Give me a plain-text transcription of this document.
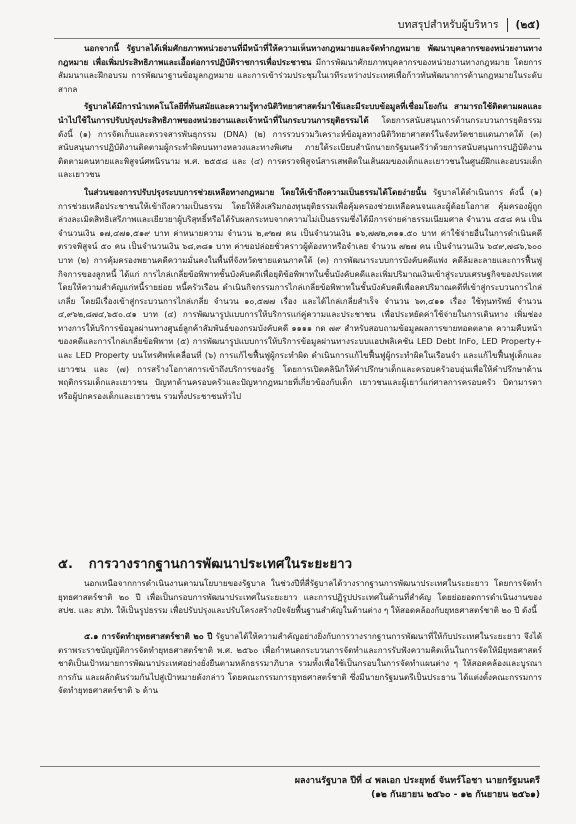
บทสรุปสำหรับผู้บริหาร (๒๕)

นอกจากนี้ รัฐบาลได้เพิ่มศักยภาพหน่วยงานที่มีหน้าที่ให้ความเห็นทางกฎหมายและจัดทำกฎหมาย พัฒนาบุคลากรของหน่วยงานทางกฎหมาย เพื่อเพิ่มประสิทธิภาพและเอื้อต่อการปฏิบัติราชการเพื่อประชาชน มีการพัฒนาศักยภาพบุคลากรของหน่วยงานทางกฎหมาย โดยการสัมมนาและฝึกอบรม การพัฒนาฐานข้อมูลกฎหมาย และการเข้าร่วมประชุมในเวทีระหว่างประเทศเพื่อก้าวทันพัฒนาการด้านกฎหมายในระดับสากล

รัฐบาลได้มีการนำเทคโนโลยีที่ทันสมัยและความรู้ทางนิติวิทยาศาสตร์มาใช้และมีระบบข้อมูลที่เชื่อมโยงกัน สามารถใช้ติดตามผลและนำไปใช้ในการปรับปรุงประสิทธิภาพของหน่วยงานและเจ้าหน้าที่ในกระบวนการยุติธรรมได้ โดยการสนับสนุนการด้านกระบวนการยุติธรรม ดังนี้ (๑) การจัดเก็บและตรวจสารพันธุกรรม (DNA) (๒) การรวบรวมวิเคราะห์ข้อมูลทางนิติวิทยาศาสตร์ในจังหวัดชายแดนภาคใต้ (๓) สนับสนุนการปฏิบัติงานติดตามผู้กระทำผิดบนทางหลวงและทางพิเศษ ภายใต้ระเบียบสำนักนายกรัฐมนตรีว่าด้วยการสนับสนุนการปฏิบัติงานติดตามคนหายและพิสูจน์ศพนิรนาม พ.ศ. ๒๕๕๘ และ (๔) การตรวจพิสูจน์สารเสพติดในเส้นผมของเด็กและเยาวชนในศูนย์ฝึกและอบรมเด็ก และเยาวชน

ในส่วนของการปรับปรุงระบบการช่วยเหลือทางกฎหมาย โดยให้เข้าถึงความเป็นธรรมได้โดยง่ายนั้น รัฐบาลได้ดำเนินการ ดังนี้ (๑) การช่วยเหลือประชาชนให้เข้าถึงความเป็นธรรม โดยให้สิ่งเสริมกองทุนยุติธรรมเพื่อคุ้มครองช่วยเหลือคนจนและผู้ด้อยโอกาส คุ้มครองผู้ถูกล่วงละเมิดสิทธิเสรีภาพและเยียวยาผู้บริสุทธิ์หรือได้รับผลกระทบจากความไม่เป็นธรรมซึ่งได้มีการจ่ายค่าธรรมเนียมศาล จำนวน ๔๕๘ คน เป็นจำนวนเงิน ๑๗,๔๗๑,๕๑๙ บาท ค่าหนายความ จำนวน ๒,๙๒๗ คน เป็นจำนวนเงิน ๑๖,๗๗๒,๓๑๑.๕๐ บาท ค่าใช้จ่ายอื่นในการดำเนินคดีตรวจพิสูจน์ ๕๐ คน เป็นจำนวนเงิน ๖๘,๓๘๑ บาท ค่าขอปล่อยชั่วคราวผู้ต้องหาหรือจำเลย จำนวน ๗๒๗ คน เป็นจำนวนเงิน ๖๔๙,๗๘๖,๖๐๐ บาท (๒) การคุ้มครองพยานคดีความมั่นคงในพื้นที่จังหวัดชายแดนภาคใต้ (๓) การพัฒนาระบบการบังคับคดีแพ่ง คดีล้มละลายและการฟื้นฟูกิจการของลูกหนี้ ได้แก่ การไกล่เกลี่ยข้อพิพาทชั้นบังคับคดีเพื่อยุติข้อพิพาทในชั้นบังคับคดีและเพิ่มปริมาณเงินเข้าสู่ระบบเศรษฐกิจของประเทศ โดยให้ความสำคัญแก่หนี้รายย่อย หนี้ครัวเรือน ดำเนินกิจกรรมการไกล่เกลี่ยข้อพิพาทในชั้นบังคับคดีเพื่อลดปริมาณคดีที่เข้าสู่กระบวนการไกล่เกลี่ย โดยมีเรื่องเข้าสู่กระบวนการไกล่เกลี่ย จำนวน ๑๐,๕๗๗ เรื่อง และได้ไกล่เกลี่ยสำเร็จ จำนวน ๖๓,๔๑๑ เรื่อง ใช้ทุนทรัพย์ จำนวน ๔,๙๖๒,๘๗๔,๖๕๐.๔๑ บาท (๔) การพัฒนารูปแบบการให้บริการแก่คู่ความและประชาชน เพื่อประหยัดค่าใช้จ่ายในการเดินทาง เพิ่มช่องทางการให้บริการข้อมูลผ่านทางศูนย์ลูกค้าสัมพันธ์ของกรมบังคับคดี ๑๑๑๑ กด ๗๙ สำหรับสอบถามข้อมูลผลการขายทอดตลาด ความคืบหน้าของคดีและการไกล่เกลี่ยข้อพิพาท (๕) การพัฒนารูปแบบการให้บริการข้อมูลผ่านทางระบบแอปพลิเคชัน LED Debt InFo, LED Property+ และ LED Property บนโทรศัพท์เคลื่อนที่ (๖) การแก้ไขฟื้นฟูผู้กระทำผิด ดำเนินการแก้ไขฟื้นฟูผู้กระทำผิดในเรือนจำ และแก้ไขฟื้นฟูเด็กและเยาวชน และ (๗) การสร้างโอกาสการเข้าถึงบริการของรัฐ โดยการเปิดคลินิกให้คำปรึกษาเด็กและครอบครัวอบอุ่นเพื่อให้คำปรึกษาด้านพฤติกรรมเด็กและเยาวชน ปัญหาด้านครอบครัวและปัญหากฎหมายที่เกี่ยวข้องกับเด็ก เยาวชนและผู้เยาว์แก่ศาลการครอบครัว บิดามารดาหรือผู้ปกครองเด็กและเยาวชน รวมทั้งประชาชนทั่วไป

๕. การวางรากฐานการพัฒนาประเทศในระยะยาว

นอกเหนือจากการดำเนินงานตามนโยบายของรัฐบาล ในช่วงปีที่สี่รัฐบาลได้วางรากฐานการพัฒนาประเทศในระยะยาว โดยการจัดทำยุทธศาสตร์ชาติ ๒๐ ปี เพื่อเป็นกรอบการพัฒนาประเทศในระยะยาว และการปฏิรูปประเทศในด้านที่สำคัญ โดยย่อยอดการดำเนินงานของ สปช. และ สปท. ให้เป็นรูปธรรม เพื่อปรับปรุงและปรับโครงสร้างปัจจัยพื้นฐานสำคัญในด้านต่าง ๆ ให้สอดคล้องกับยุทธศาสตร์ชาติ ๒๐ ปี ดังนี้

๕.๑ การจัดทำยุทธศาสตร์ชาติ ๒๐ ปี รัฐบาลได้ให้ความสำคัญอย่างยิ่งกับการวางรากฐานการพัฒนาที่ให้กับประเทศในระยะยาว จึงได้ตราพระราชบัญญัติการจัดทำยุทธศาสตร์ชาติ พ.ศ. ๒๕๖๐ เพื่อกำหนดกระบวนการจัดทำและการรับฟังความคิดเห็นในการจัดให้มียุทธศาสตร์ชาติเป็นเป้าหมายการพัฒนาประเทศอย่างยั่งยืนตามหลักธรรมาภิบาล รวมทั้งเพื่อใช้เป็นกรอบในการจัดทำแผนต่าง ๆ ให้สอดคล้องและบูรณาการกัน และผลักดันร่วมกันไปสู่เป้าหมายดังกล่าว โดยคณะกรรมการยุทธศาสตร์ชาติ ซึ่งมีนายกรัฐมนตรีเป็นประธาน ได้แต่งตั้งคณะกรรมการจัดทำยุทธศาสตร์ชาติ ๖ ด้าน

ผลงานรัฐบาล ปีที่ ๔ พลเอก ประยุทธ์ จันทร์โอชา นายกรัฐมนตรี
(๑๒ กันยายน ๒๕๖๐ - ๑๒ กันยายน ๒๕๖๑)
